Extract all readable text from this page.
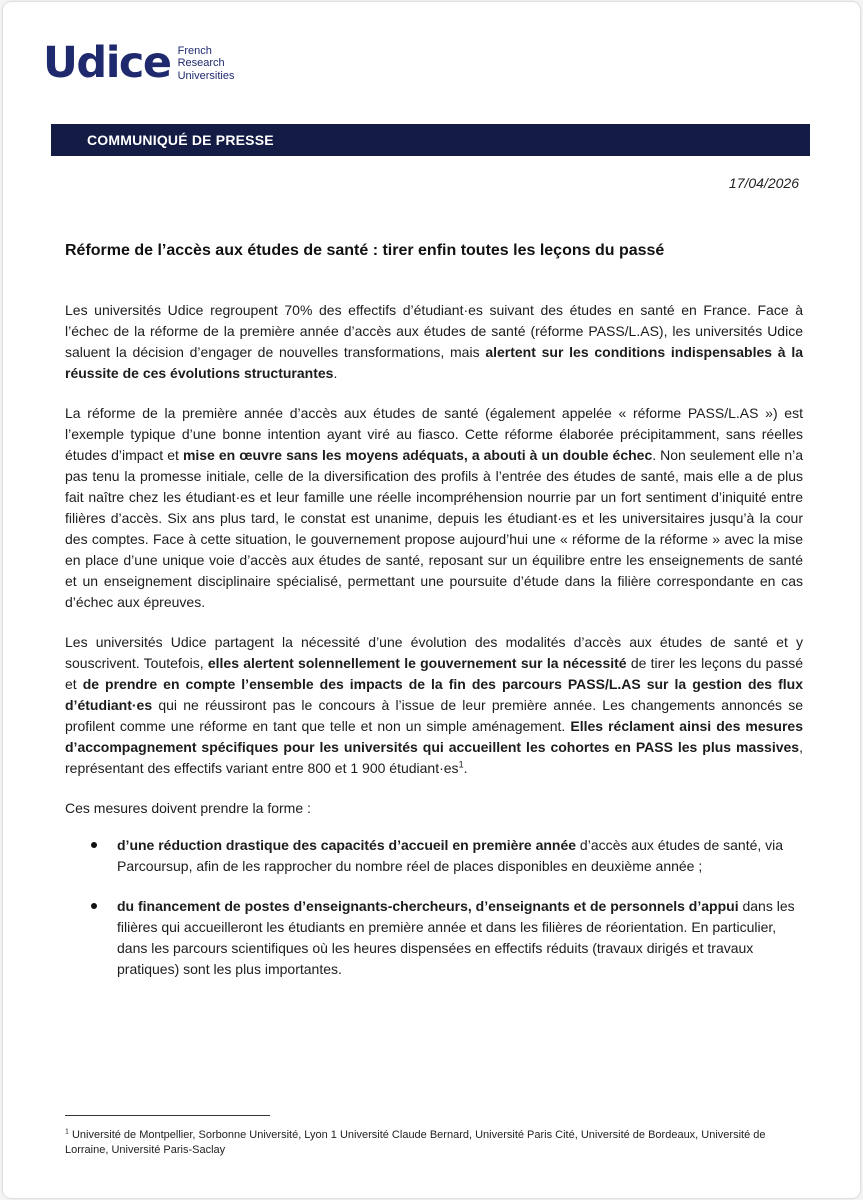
Udice French
Research
Universities
COMMUNIQUÉ DE PRESSE
17/04/2026
Réforme de l’accès aux études de santé : tirer enfin toutes les leçons du passé

Les universités Udice regroupent 70% des effectifs d’étudiant·es suivant des études en santé en France. Face à l’échec de la réforme de la première année d’accès aux études de santé (réforme PASS/L.AS), les universités Udice saluent la décision d’engager de nouvelles transformations, mais alertent sur les conditions indispensables à la réussite de ces évolutions structurantes.

La réforme de la première année d’accès aux études de santé (également appelée « réforme PASS/L.AS ») est l’exemple typique d’une bonne intention ayant viré au fiasco. Cette réforme élaborée précipitamment, sans réelles études d’impact et mise en œuvre sans les moyens adéquats, a abouti à un double échec. Non seulement elle n’a pas tenu la promesse initiale, celle de la diversification des profils à l’entrée des études de santé, mais elle a de plus fait naître chez les étudiant·es et leur famille une réelle incompréhension nourrie par un fort sentiment d’iniquité entre filières d’accès. Six ans plus tard, le constat est unanime, depuis les étudiant·es et les universitaires jusqu’à la cour des comptes. Face à cette situation, le gouvernement propose aujourd’hui une « réforme de la réforme » avec la mise en place d’une unique voie d’accès aux études de santé, reposant sur un équilibre entre les enseignements de santé et un enseignement disciplinaire spécialisé, permettant une poursuite d’étude dans la filière correspondante en cas d’échec aux épreuves.

Les universités Udice partagent la nécessité d’une évolution des modalités d’accès aux études de santé et y souscrivent. Toutefois, elles alertent solennellement le gouvernement sur la nécessité de tirer les leçons du passé et de prendre en compte l’ensemble des impacts de la fin des parcours PASS/L.AS sur la gestion des flux d’étudiant·es qui ne réussiront pas le concours à l’issue de leur première année. Les changements annoncés se profilent comme une réforme en tant que telle et non un simple aménagement. Elles réclament ainsi des mesures d’accompagnement spécifiques pour les universités qui accueillent les cohortes en PASS les plus massives, représentant des effectifs variant entre 800 et 1 900 $étudiant\cdot es^1$.

Ces mesures doivent prendre la forme :

d’une réduction drastique des capacités d’accueil en première année d’accès aux études de santé, via Parcoursup, afin de les rapprocher du nombre réel de places disponibles en deuxième année ;
du financement de postes d’enseignants-chercheurs, d’enseignants et de personnels d’appui dans les filières qui accueilleront les étudiants en première année et dans les filières de réorientation. En particulier, dans les parcours scientifiques où les heures dispensées en effectifs réduits (travaux dirigés et travaux pratiques) sont les plus importantes.
$^1$ Université de Montpellier, Sorbonne Université, Lyon 1 Université Claude Bernard, Université Paris Cité, Université de Bordeaux, Université de Lorraine, Université Paris-Saclay
